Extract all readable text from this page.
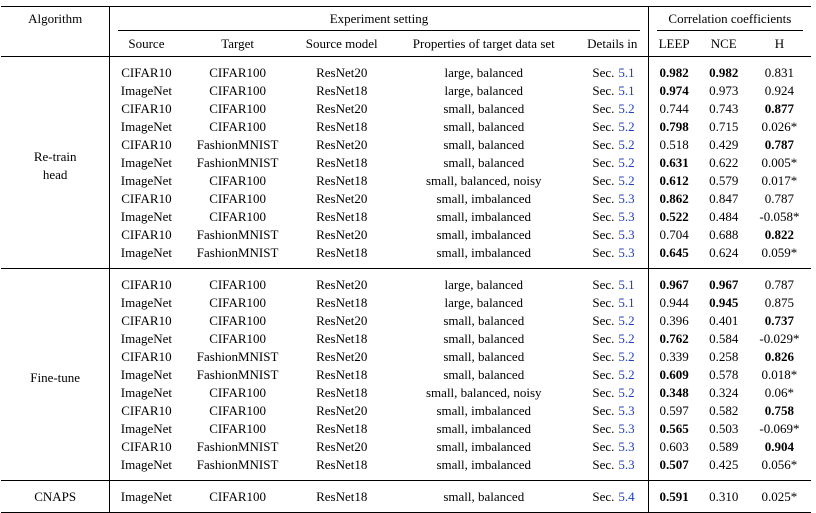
Algorithm	Experiment setting						Correlation coefficients		
	Source	Target	Source model	Properties of target data set	Details in		LEEP	NCE	H
Re-train head	CIFAR10	CIFAR100	ResNet20	large, balanced	Sec.	5.1	0.982	0.982	0.831
	ImageNet	CIFAR100	ResNet18	large, balanced	Sec.	5.1	0.974	0.973	0.924
	CIFAR10	CIFAR100	ResNet20	small, balanced	Sec.	5.2	0.744	0.743	0.877
	ImageNet	CIFAR100	ResNet18	small, balanced	Sec.	5.2	0.798	0.715	0.026*
	CIFAR10	FashionMNIST	ResNet20	small, balanced	Sec.	5.2	0.518	0.429	0.787
	ImageNet	FashionMNIST	ResNet18	small, balanced	Sec.	5.2	0.631	0.622	0.005*
	ImageNet	CIFAR100	ResNet18	small, balanced, noisy	Sec.	5.2	0.612	0.579	0.017*
	CIFAR10	CIFAR100	ResNet20	small, imbalanced	Sec.	5.3	0.862	0.847	0.787
	ImageNet	CIFAR100	ResNet18	small, imbalanced	Sec.	5.3	0.522	0.484	-0.058*
	CIFAR10	FashionMNIST	ResNet20	small, imbalanced	Sec.	5.3	0.704	0.688	0.822
	ImageNet	FashionMNIST	ResNet18	small, imbalanced	Sec.	5.3	0.645	0.624	0.059*
Fine-tune	CIFAR10	CIFAR100	ResNet20	large, balanced	Sec.	5.1	0.967	0.967	0.787
	ImageNet	CIFAR100	ResNet18	large, balanced	Sec.	5.1	0.944	0.945	0.875
	CIFAR10	CIFAR100	ResNet20	small, balanced	Sec.	5.2	0.396	0.401	0.737
	ImageNet	CIFAR100	ResNet18	small, balanced	Sec.	5.2	0.762	0.584	-0.029*
	CIFAR10	FashionMNIST	ResNet20	small, balanced	Sec.	5.2	0.339	0.258	0.826
	ImageNet	FashionMNIST	ResNet18	small, balanced	Sec.	5.2	0.609	0.578	0.018*
	ImageNet	CIFAR100	ResNet18	small, balanced, noisy	Sec.	5.2	0.348	0.324	0.06*
	CIFAR10	CIFAR100	ResNet20	small, imbalanced	Sec.	5.3	0.597	0.582	0.758
	ImageNet	CIFAR100	ResNet18	small, imbalanced	Sec.	5.3	0.565	0.503	-0.069*
	CIFAR10	FashionMNIST	ResNet20	small, imbalanced	Sec.	5.3	0.603	0.589	0.904
	ImageNet	FashionMNIST	ResNet18	small, imbalanced	Sec.	5.3	0.507	0.425	0.056*
CNAPS	ImageNet	CIFAR100	ResNet18	small, balanced	Sec.	5.4	0.591	0.310	0.025*
